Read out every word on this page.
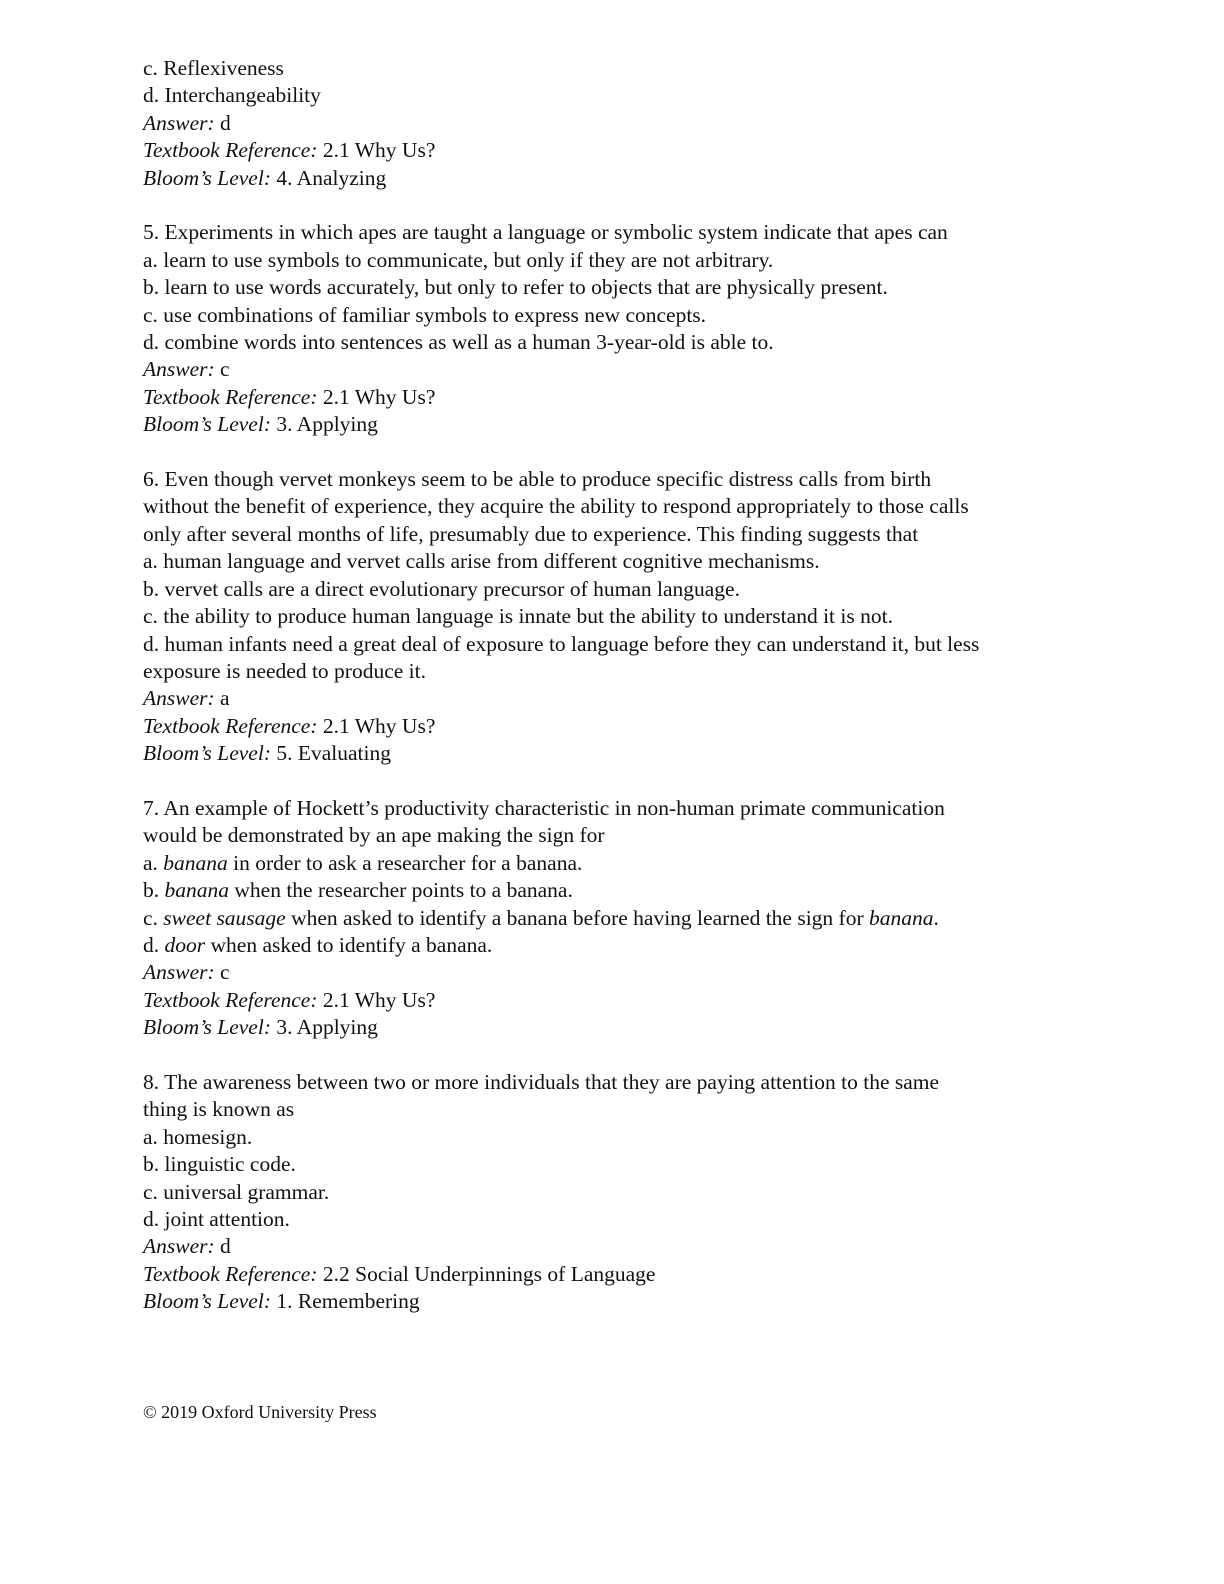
c. Reflexiveness
d. Interchangeability
Answer: d
Textbook Reference: 2.1 Why Us?
Bloom’s Level: 4. Analyzing
5. Experiments in which apes are taught a language or symbolic system indicate that apes can
a. learn to use symbols to communicate, but only if they are not arbitrary.
b. learn to use words accurately, but only to refer to objects that are physically present.
c. use combinations of familiar symbols to express new concepts.
d. combine words into sentences as well as a human 3-year-old is able to.
Answer: c
Textbook Reference: 2.1 Why Us?
Bloom’s Level: 3. Applying
6. Even though vervet monkeys seem to be able to produce specific distress calls from birth
without the benefit of experience, they acquire the ability to respond appropriately to those calls
only after several months of life, presumably due to experience. This finding suggests that
a. human language and vervet calls arise from different cognitive mechanisms.
b. vervet calls are a direct evolutionary precursor of human language.
c. the ability to produce human language is innate but the ability to understand it is not.
d. human infants need a great deal of exposure to language before they can understand it, but less
exposure is needed to produce it.
Answer: a
Textbook Reference: 2.1 Why Us?
Bloom’s Level: 5. Evaluating
7. An example of Hockett’s productivity characteristic in non-human primate communication
would be demonstrated by an ape making the sign for
a. banana in order to ask a researcher for a banana.
b. banana when the researcher points to a banana.
c. sweet sausage when asked to identify a banana before having learned the sign for banana.
d. door when asked to identify a banana.
Answer: c
Textbook Reference: 2.1 Why Us?
Bloom’s Level: 3. Applying
8. The awareness between two or more individuals that they are paying attention to the same
thing is known as
a. homesign.
b. linguistic code.
c. universal grammar.
d. joint attention.
Answer: d
Textbook Reference: 2.2 Social Underpinnings of Language
Bloom’s Level: 1. Remembering
© 2019 Oxford University Press
